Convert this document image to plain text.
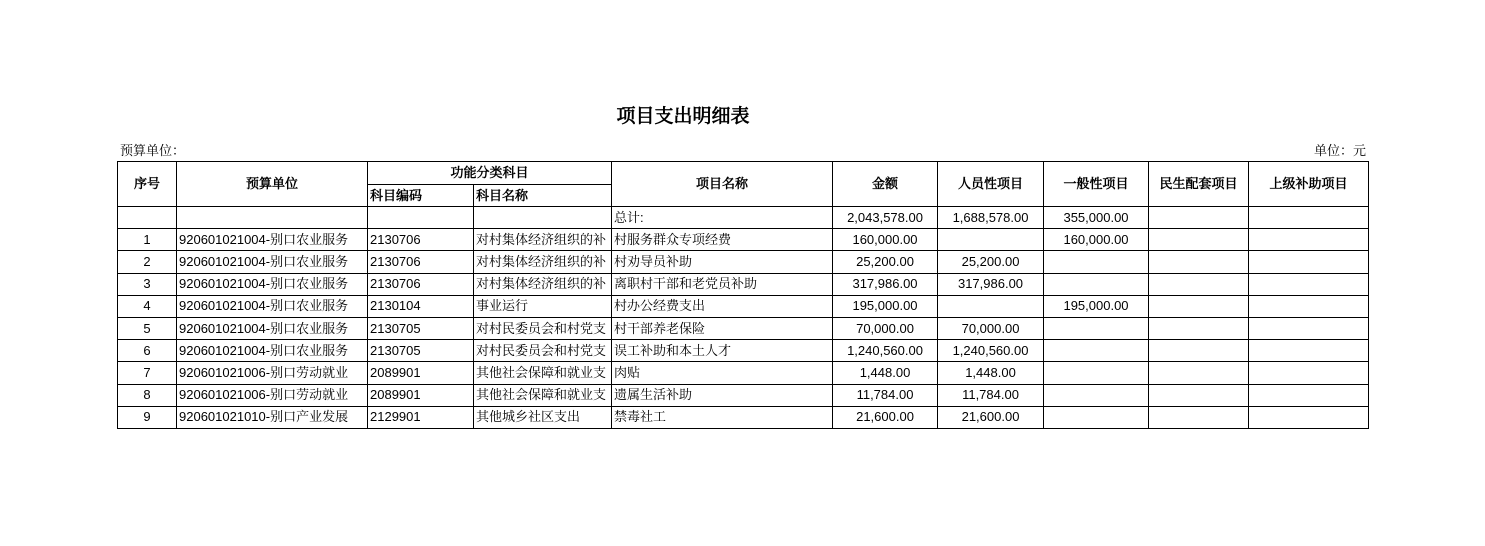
项目支出明细表
预算单位：	单位：元
序号	预算单位	功能分类科目		项目名称	金额	人员性项目	一般性项目	民生配套项目	上级补助项目
		科目编码	科目名称						
				总计:	2,043,578.00	1,688,578.00	355,000.00		
1	920601021004-别口农业服务	2130706	对村集体经济组织的补	村服务群众专项经费	160,000.00		160,000.00		
2	920601021004-别口农业服务	2130706	对村集体经济组织的补	村劝导员补助	25,200.00	25,200.00			
3	920601021004-别口农业服务	2130706	对村集体经济组织的补	离职村干部和老党员补助	317,986.00	317,986.00			
4	920601021004-别口农业服务	2130104	事业运行	村办公经费支出	195,000.00		195,000.00		
5	920601021004-别口农业服务	2130705	对村民委员会和村党支	村干部养老保险	70,000.00	70,000.00			
6	920601021004-别口农业服务	2130705	对村民委员会和村党支	误工补助和本土人才	1,240,560.00	1,240,560.00			
7	920601021006-别口劳动就业	2089901	其他社会保障和就业支	肉贴	1,448.00	1,448.00			
8	920601021006-别口劳动就业	2089901	其他社会保障和就业支	遗属生活补助	11,784.00	11,784.00			
9	920601021010-别口产业发展	2129901	其他城乡社区支出	禁毒社工	21,600.00	21,600.00			
